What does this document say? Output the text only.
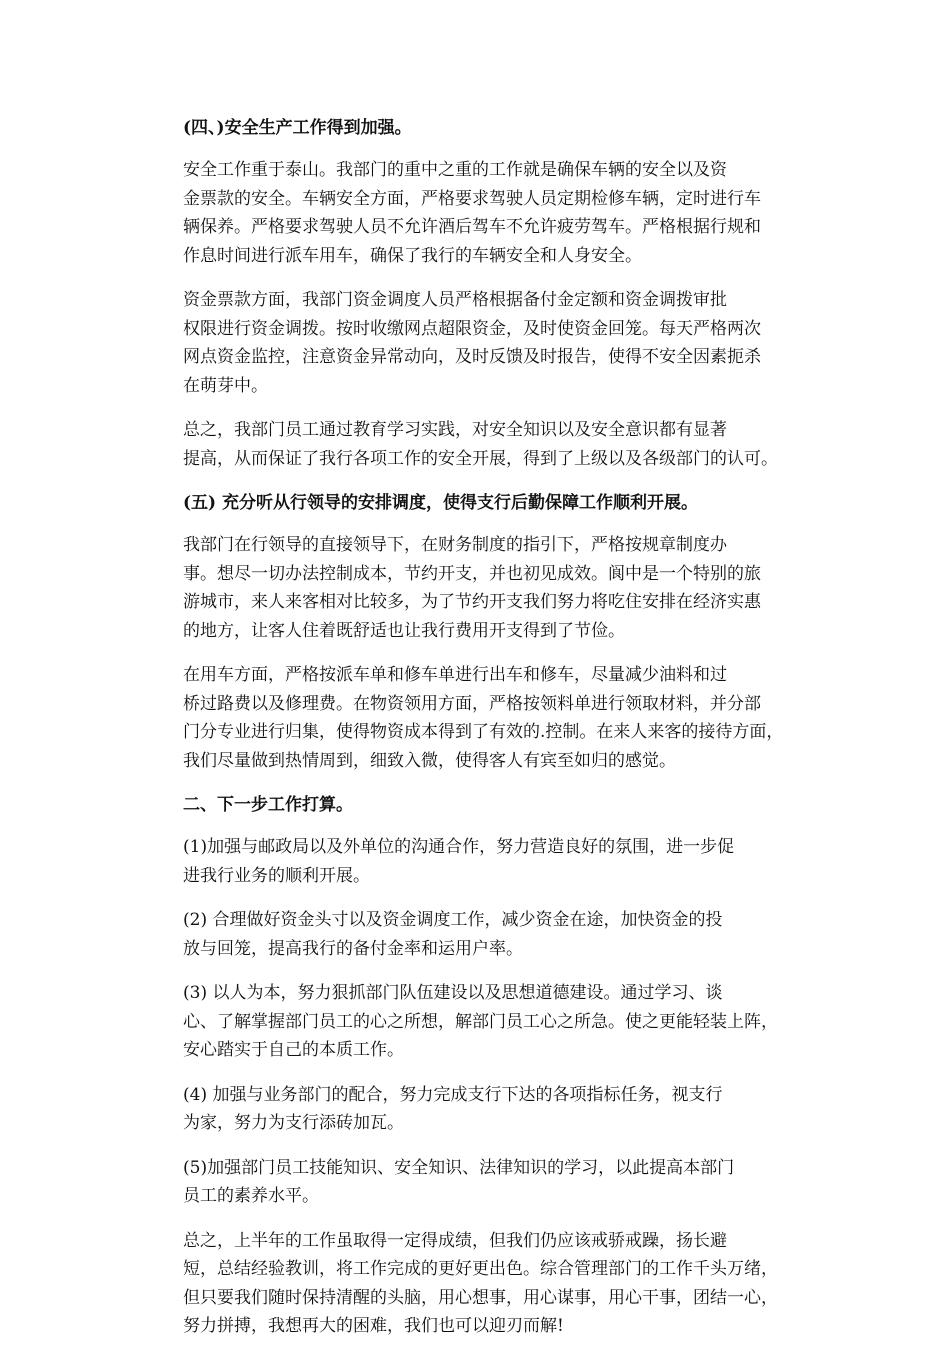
(四、)安全生产工作得到加强。
安全工作重于泰山。我部门的重中之重的工作就是确保车辆的安全以及资
金票款的安全。车辆安全方面，严格要求驾驶人员定期检修车辆，定时进行车
辆保养。严格要求驾驶人员不允许酒后驾车不允许疲劳驾车。严格根据行规和
作息时间进行派车用车，确保了我行的车辆安全和人身安全。
资金票款方面，我部门资金调度人员严格根据备付金定额和资金调拨审批
权限进行资金调拨。按时收缴网点超限资金，及时使资金回笼。每天严格两次
网点资金监控，注意资金异常动向，及时反馈及时报告，使得不安全因素扼杀
在萌芽中。
总之，我部门员工通过教育学习实践，对安全知识以及安全意识都有显著
提高，从而保证了我行各项工作的安全开展，得到了上级以及各级部门的认可。
(五) 充分听从行领导的安排调度，使得支行后勤保障工作顺利开展。
我部门在行领导的直接领导下，在财务制度的指引下，严格按规章制度办
事。想尽一切办法控制成本，节约开支，并也初见成效。阆中是一个特别的旅
游城市，来人来客相对比较多，为了节约开支我们努力将吃住安排在经济实惠
的地方，让客人住着既舒适也让我行费用开支得到了节俭。
在用车方面，严格按派车单和修车单进行出车和修车，尽量减少油料和过
桥过路费以及修理费。在物资领用方面，严格按领料单进行领取材料，并分部
门分专业进行归集，使得物资成本得到了有效的.控制。在来人来客的接待方面，
我们尽量做到热情周到，细致入微，使得客人有宾至如归的感觉。
二、下一步工作打算。
(1)加强与邮政局以及外单位的沟通合作，努力营造良好的氛围，进一步促
进我行业务的顺利开展。
(2) 合理做好资金头寸以及资金调度工作，减少资金在途，加快资金的投
放与回笼，提高我行的备付金率和运用户率。
(3) 以人为本，努力狠抓部门队伍建设以及思想道德建设。通过学习、谈
心、了解掌握部门员工的心之所想，解部门员工心之所急。使之更能轻装上阵，
安心踏实于自己的本质工作。
(4) 加强与业务部门的配合，努力完成支行下达的各项指标任务，视支行
为家，努力为支行添砖加瓦。
(5)加强部门员工技能知识、安全知识、法律知识的学习，以此提高本部门
员工的素养水平。
总之，上半年的工作虽取得一定得成绩，但我们仍应该戒骄戒躁，扬长避
短，总结经验教训，将工作完成的更好更出色。综合管理部门的工作千头万绪，
但只要我们随时保持清醒的头脑，用心想事，用心谋事，用心干事，团结一心，
努力拼搏，我想再大的困难，我们也可以迎刃而解!
